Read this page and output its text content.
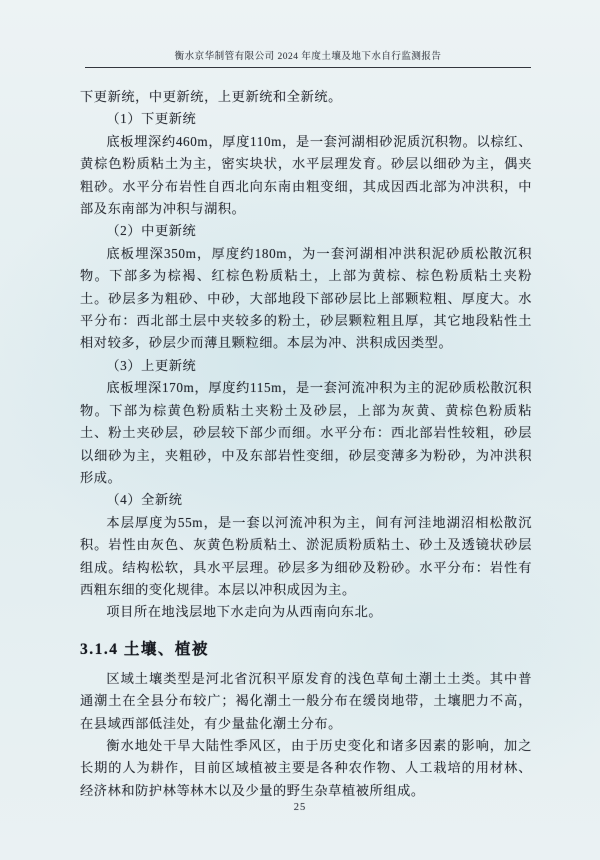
衡水京华制管有限公司 2024 年度土壤及地下水自行监测报告

下更新统，中更新统，上更新统和全新统。

（1）下更新统

底板埋深约460m，厚度110m，是一套河湖相砂泥质沉积物。以棕红、黄棕色粉质粘土为主，密实块状，水平层理发育。砂层以细砂为主，偶夹粗砂。水平分布岩性自西北向东南由粗变细，其成因西北部为冲洪积，中部及东南部为冲积与湖积。

（2）中更新统

底板埋深350m，厚度约180m，为一套河湖相冲洪积泥砂质松散沉积物。下部多为棕褐、红棕色粉质粘土，上部为黄棕、棕色粉质粘土夹粉土。砂层多为粗砂、中砂，大部地段下部砂层比上部颗粒粗、厚度大。水平分布：西北部土层中夹较多的粉土，砂层颗粒粗且厚，其它地段粘性土相对较多，砂层少而薄且颗粒细。本层为冲、洪积成因类型。

（3）上更新统

底板埋深170m，厚度约115m，是一套河流冲积为主的泥砂质松散沉积物。下部为棕黄色粉质粘土夹粉土及砂层，上部为灰黄、黄棕色粉质粘土、粉土夹砂层，砂层较下部少而细。水平分布：西北部岩性较粗，砂层以细砂为主，夹粗砂，中及东部岩性变细，砂层变薄多为粉砂，为冲洪积形成。

（4）全新统

本层厚度为55m，是一套以河流冲积为主，间有河洼地湖沼相松散沉积。岩性由灰色、灰黄色粉质粘土、淤泥质粉质粘土、砂土及透镜状砂层组成。结构松软，具水平层理。砂层多为细砂及粉砂。水平分布：岩性有西粗东细的变化规律。本层以冲积成因为主。

项目所在地浅层地下水走向为从西南向东北。

3.1.4 土壤、植被

区域土壤类型是河北省沉积平原发育的浅色草甸土潮土土类。其中普通潮土在全县分布较广；褐化潮土一般分布在缓岗地带，土壤肥力不高，在县域西部低洼处，有少量盐化潮土分布。

衡水地处干旱大陆性季风区，由于历史变化和诸多因素的影响，加之长期的人为耕作，目前区域植被主要是各种农作物、人工栽培的用材林、经济林和防护林等林木以及少量的野生杂草植被所组成。

25
